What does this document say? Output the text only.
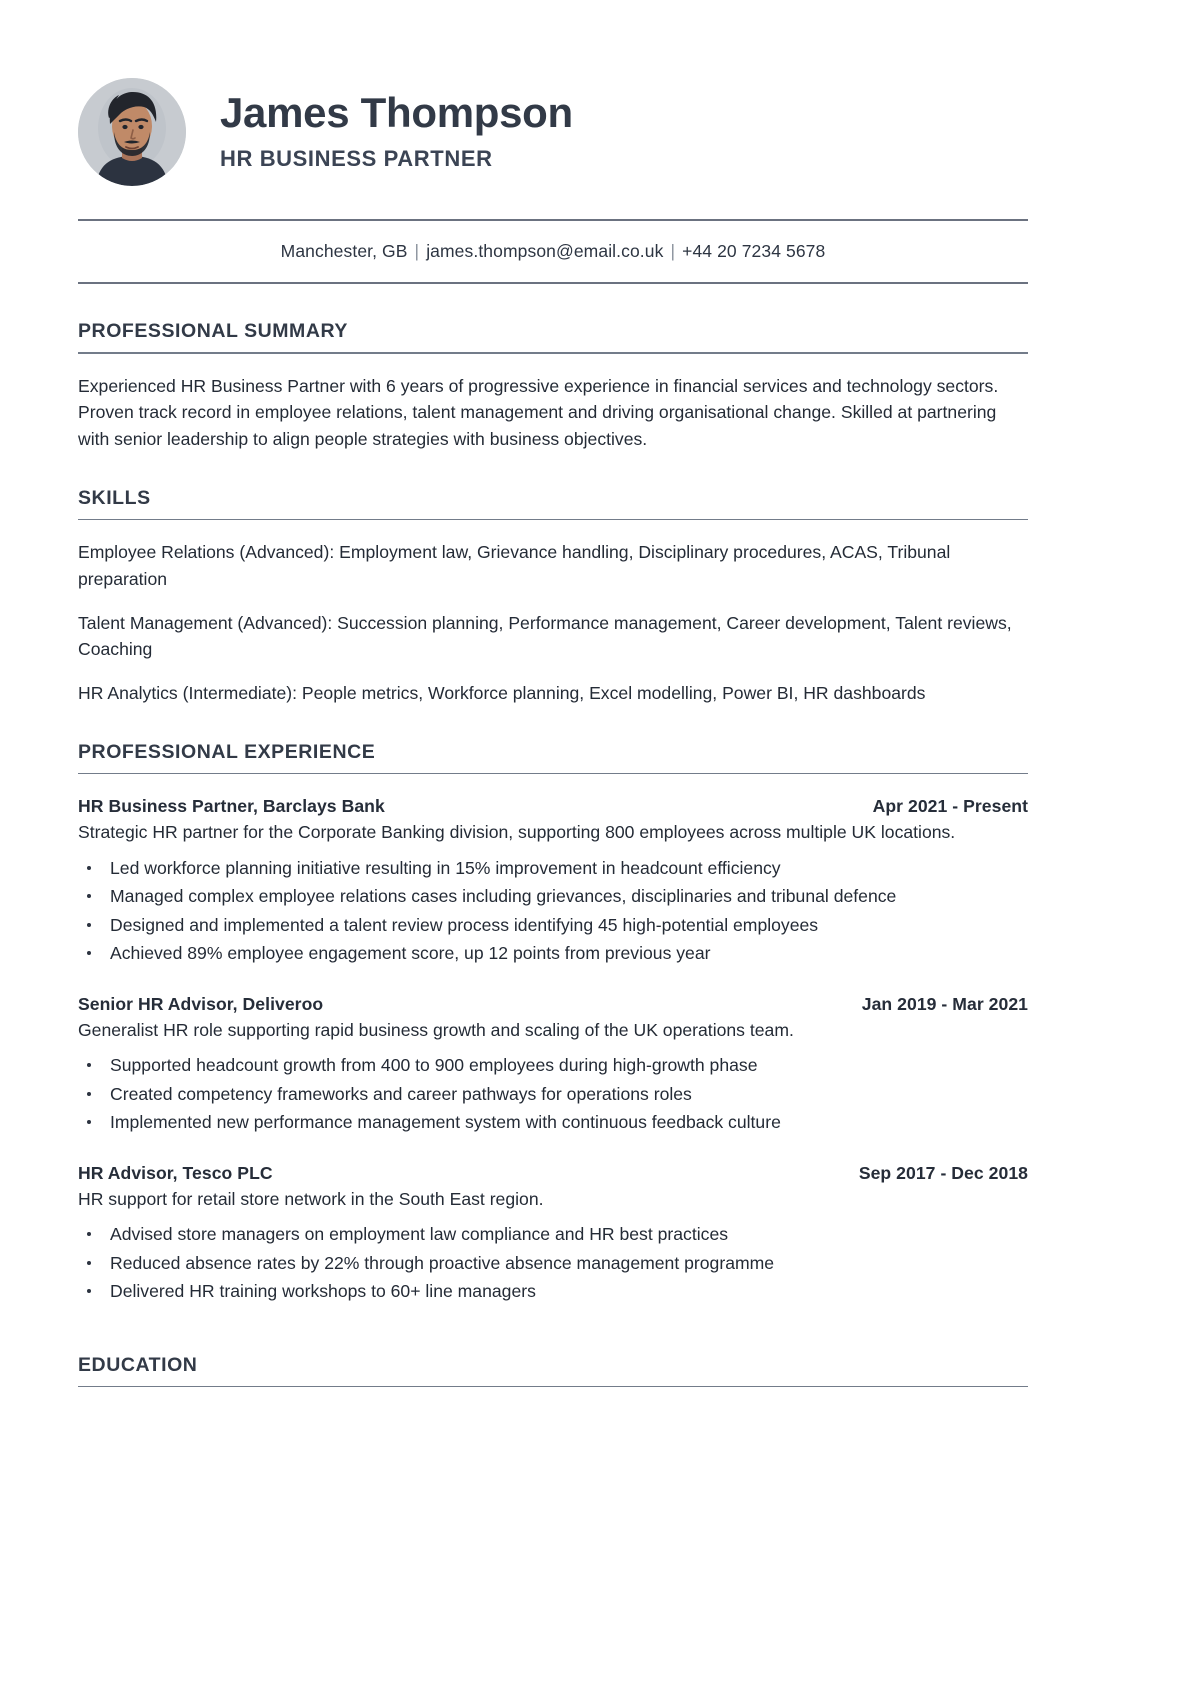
James Thompson
HR BUSINESS PARTNER
Manchester, GB | james.thompson@email.co.uk | +44 20 7234 5678
PROFESSIONAL SUMMARY

Experienced HR Business Partner with 6 years of progressive experience in financial services and technology sectors. Proven track record in employee relations, talent management and driving organisational change. Skilled at partnering with senior leadership to align people strategies with business objectives.

SKILLS
Employee Relations (Advanced): Employment law, Grievance handling, Disciplinary procedures, ACAS, Tribunal preparation
Talent Management (Advanced): Succession planning, Performance management, Career development, Talent reviews, Coaching
HR Analytics (Intermediate): People metrics, Workforce planning, Excel modelling, Power BI, HR dashboards
PROFESSIONAL EXPERIENCE
HR Business Partner, Barclays Bank	Apr 2021 - Present
Strategic HR partner for the Corporate Banking division, supporting 800 employees across multiple UK locations.
Led workforce planning initiative resulting in 15% improvement in headcount efficiency
Managed complex employee relations cases including grievances, disciplinaries and tribunal defence
Designed and implemented a talent review process identifying 45 high-potential employees
Achieved 89% employee engagement score, up 12 points from previous year
Senior HR Advisor, Deliveroo	Jan 2019 - Mar 2021
Generalist HR role supporting rapid business growth and scaling of the UK operations team.
Supported headcount growth from 400 to 900 employees during high-growth phase
Created competency frameworks and career pathways for operations roles
Implemented new performance management system with continuous feedback culture
HR Advisor, Tesco PLC	Sep 2017 - Dec 2018
HR support for retail store network in the South East region.
Advised store managers on employment law compliance and HR best practices
Reduced absence rates by 22% through proactive absence management programme
Delivered HR training workshops to 60+ line managers
EDUCATION
